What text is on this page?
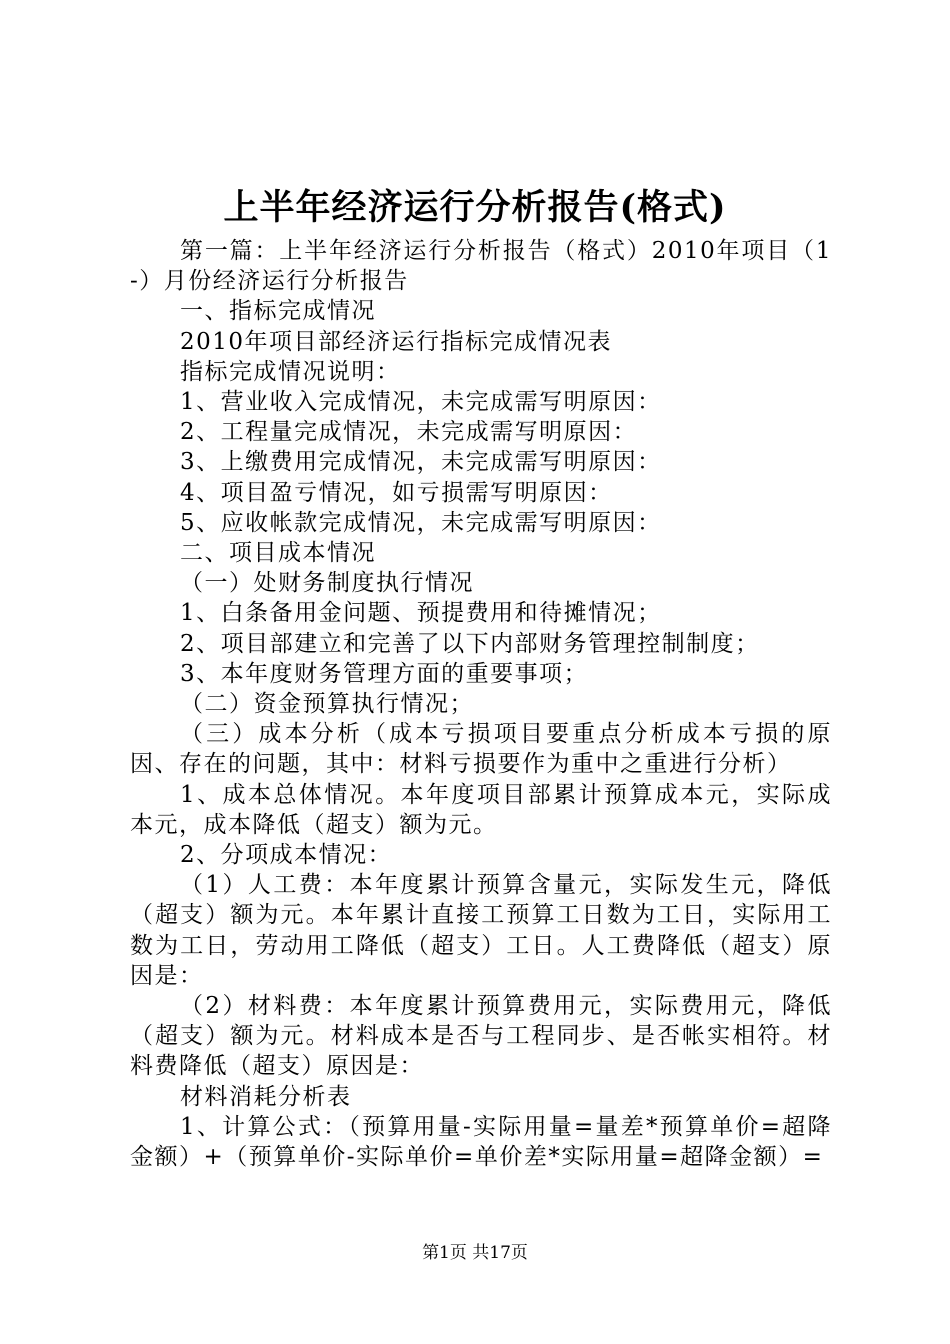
上半年经济运行分析报告(格式)

第一篇：上半年经济运行分析报告（格式）2010年项目（1-）月份经济运行分析报告

一、指标完成情况

2010年项目部经济运行指标完成情况表

指标完成情况说明：

1、营业收入完成情况，未完成需写明原因：

2、工程量完成情况，未完成需写明原因：

3、上缴费用完成情况，未完成需写明原因：

4、项目盈亏情况，如亏损需写明原因：

5、应收帐款完成情况，未完成需写明原因：

二、项目成本情况

（一）处财务制度执行情况

1、白条备用金问题、预提费用和待摊情况；

2、项目部建立和完善了以下内部财务管理控制制度；

3、本年度财务管理方面的重要事项；

（二）资金预算执行情况；

（三）成本分析（成本亏损项目要重点分析成本亏损的原因、存在的问题，其中：材料亏损要作为重中之重进行分析）

1、成本总体情况。本年度项目部累计预算成本元，实际成本元，成本降低（超支）额为元。

2、分项成本情况：

（1）人工费：本年度累计预算含量元，实际发生元，降低（超支）额为元。本年累计直接工预算工日数为工日，实际用工数为工日，劳动用工降低（超支）工日。人工费降低（超支）原因是：

（2）材料费：本年度累计预算费用元，实际费用元，降低（超支）额为元。材料成本是否与工程同步、是否帐实相符。材料费降低（超支）原因是：

材料消耗分析表

1、计算公式：（预算用量-实际用量=量差*预算单价=超降金额）+（预算单价-实际单价=单价差*实际用量=超降金额）=

第1页 共17页
